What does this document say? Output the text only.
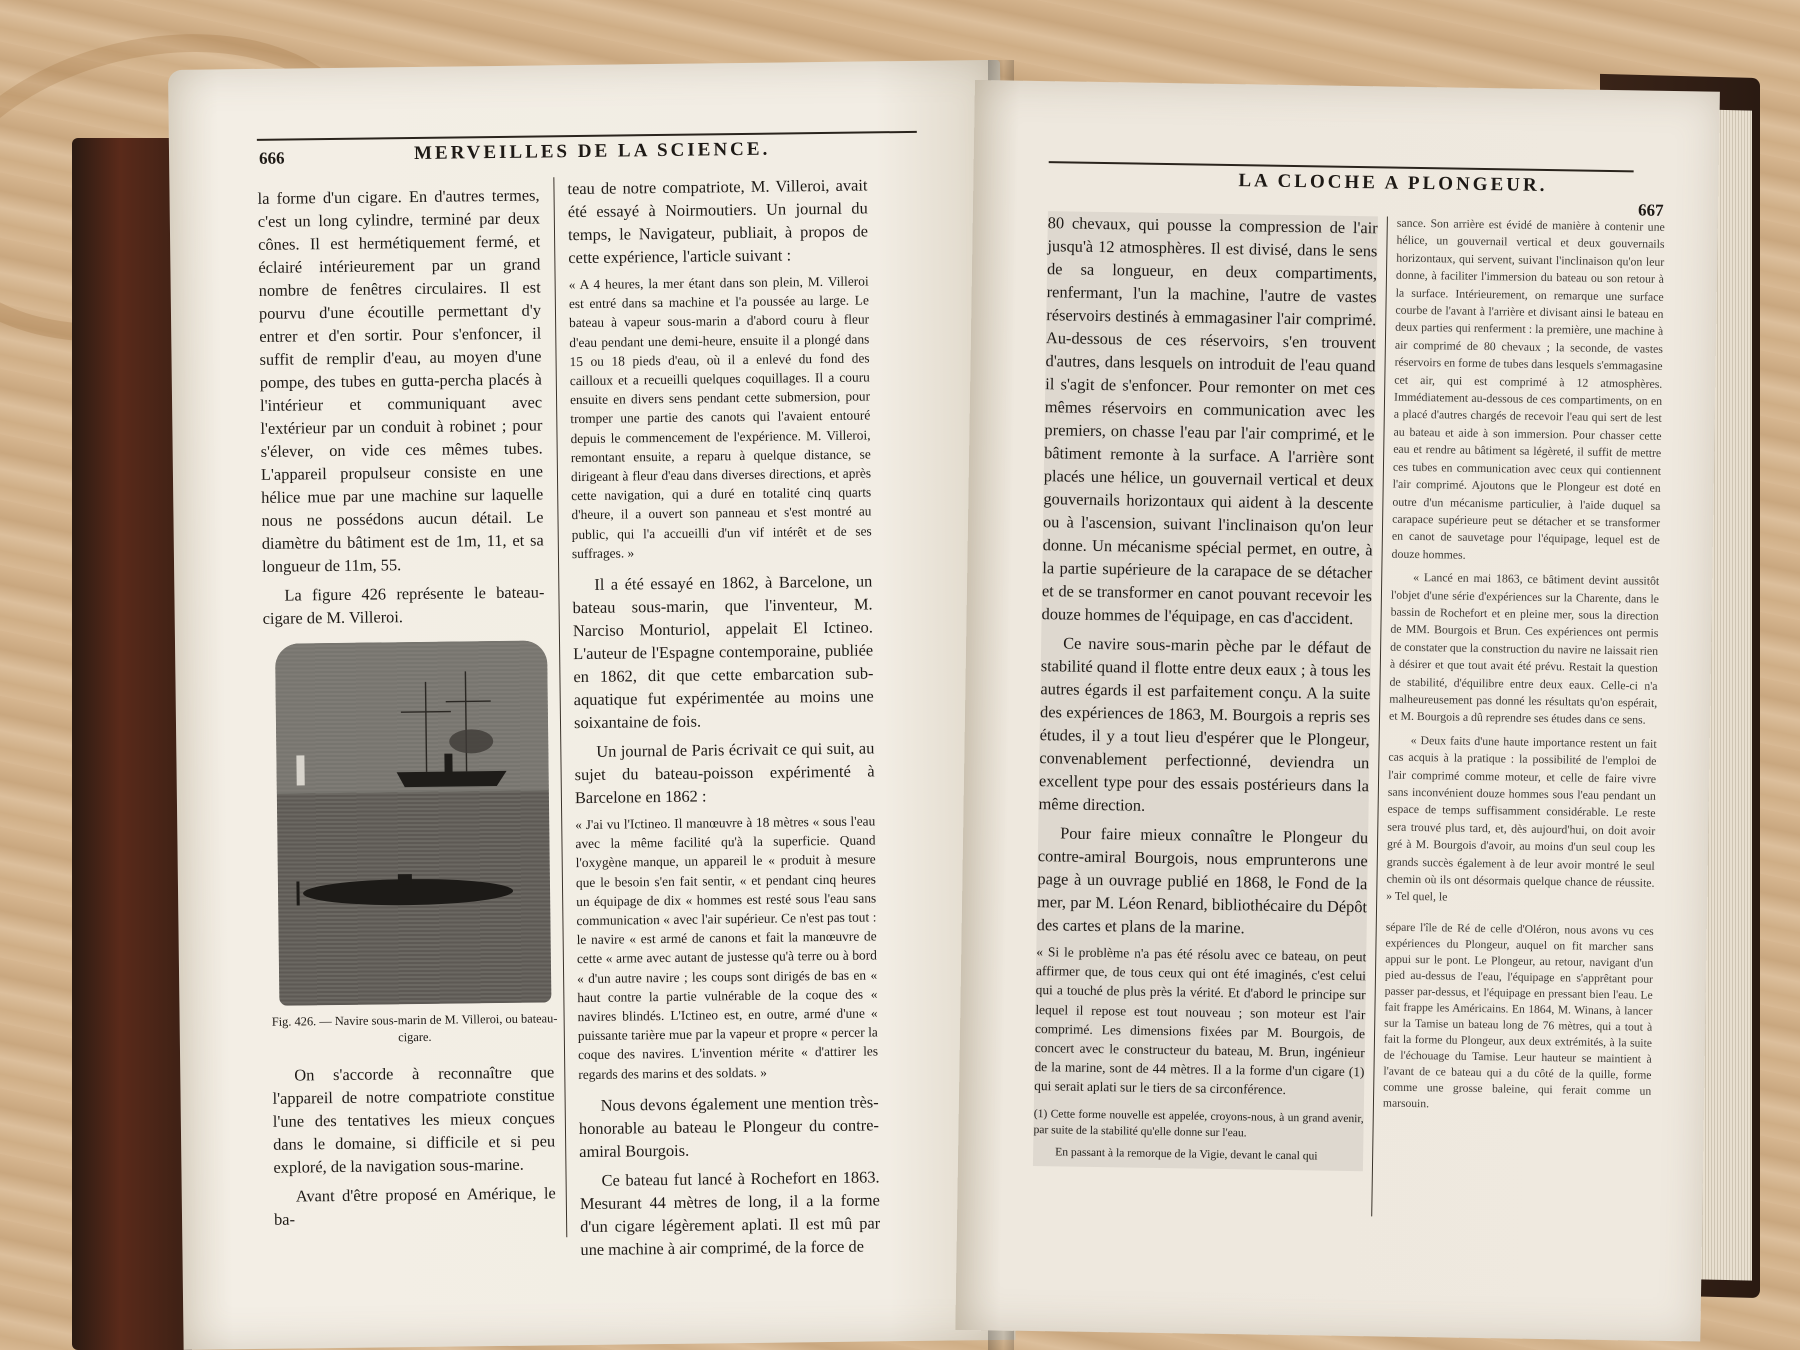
666	MERVEILLES DE LA SCIENCE.

la forme d'un cigare. En d'autres termes, c'est un long cylindre, terminé par deux cônes. Il est hermétiquement fermé, et éclairé intérieurement par un grand nombre de fenêtres circulaires. Il est pourvu d'une écoutille permettant d'y entrer et d'en sortir. Pour s'enfoncer, il suffit de remplir d'eau, au moyen d'une pompe, des tubes en gutta-percha placés à l'intérieur et communiquant avec l'extérieur par un conduit à robinet ; pour s'élever, on vide ces mêmes tubes. L'appareil propulseur consiste en une hélice mue par une machine sur laquelle nous ne possédons aucun détail. Le diamètre du bâtiment est de 1m, 11, et sa longueur de 11m, 55.

La figure 426 représente le bateau-cigare de M. Villeroi.

Fig. 426. — Navire sous-marin de M. Villeroi, ou bateau-cigare.

On s'accorde à reconnaître que l'appareil de notre compatriote constitue l'une des tentatives les mieux conçues dans le domaine, si difficile et si peu exploré, de la navigation sous-marine.

Avant d'être proposé en Amérique, le ba-

teau de notre compatriote, M. Villeroi, avait été essayé à Noirmoutiers. Un journal du temps, le Navigateur, publiait, à propos de cette expérience, l'article suivant :

« A 4 heures, la mer étant dans son plein, M. Villeroi est entré dans sa machine et l'a poussée au large. Le bateau à vapeur sous-marin a d'abord couru à fleur d'eau pendant une demi-heure, ensuite il a plongé dans 15 ou 18 pieds d'eau, où il a enlevé du fond des cailloux et a recueilli quelques coquillages. Il a couru ensuite en divers sens pendant cette submersion, pour tromper une partie des canots qui l'avaient entouré depuis le commencement de l'expérience. M. Villeroi, remontant ensuite, a reparu à quelque distance, se dirigeant à fleur d'eau dans diverses directions, et après cette navigation, qui a duré en totalité cinq quarts d'heure, il a ouvert son panneau et s'est montré au public, qui l'a accueilli d'un vif intérêt et de ses suffrages. »

Il a été essayé en 1862, à Barcelone, un bateau sous-marin, que l'inventeur, M. Narciso Monturiol, appelait El Ictineo. L'auteur de l'Espagne contemporaine, publiée en 1862, dit que cette embarcation sub-aquatique fut expérimentée au moins une soixantaine de fois.

Un journal de Paris écrivait ce qui suit, au sujet du bateau-poisson expérimenté à Barcelone en 1862 :

« J'ai vu l'Ictineo. Il manœuvre à 18 mètres « sous l'eau avec la même facilité qu'à la superficie. Quand l'oxygène manque, un appareil le « produit à mesure que le besoin s'en fait sentir, « et pendant cinq heures un équipage de dix « hommes est resté sous l'eau sans communication « avec l'air supérieur. Ce n'est pas tout : le navire « est armé de canons et fait la manœuvre de cette « arme avec autant de justesse qu'à terre ou à bord « d'un autre navire ; les coups sont dirigés de bas en « haut contre la partie vulnérable de la coque des « navires blindés. L'Ictineo est, en outre, armé d'une « puissante tarière mue par la vapeur et propre « percer la coque des navires. L'invention mérite « d'attirer les regards des marins et des soldats. »

Nous devons également une mention très-honorable au bateau le Plongeur du contre-amiral Bourgois.

Ce bateau fut lancé à Rochefort en 1863. Mesurant 44 mètres de long, il a la forme d'un cigare légèrement aplati. Il est mû par une machine à air comprimé, de la force de

LA CLOCHE A PLONGEUR.
667

80 chevaux, qui pousse la compression de l'air jusqu'à 12 atmosphères. Il est divisé, dans le sens de sa longueur, en deux compartiments, renfermant, l'un la machine, l'autre de vastes réservoirs destinés à emmagasiner l'air comprimé. Au-dessous de ces réservoirs, s'en trouvent d'autres, dans lesquels on introduit de l'eau quand il s'agit de s'enfoncer. Pour remonter on met ces mêmes réservoirs en communication avec les premiers, on chasse l'eau par l'air comprimé, et le bâtiment remonte à la surface. A l'arrière sont placés une hélice, un gouvernail vertical et deux gouvernails horizontaux qui aident à la descente ou à l'ascension, suivant l'inclinaison qu'on leur donne. Un mécanisme spécial permet, en outre, à la partie supérieure de la carapace de se détacher et de se transformer en canot pouvant recevoir les douze hommes de l'équipage, en cas d'accident.

Ce navire sous-marin pèche par le défaut de stabilité quand il flotte entre deux eaux ; à tous les autres égards il est parfaitement conçu. A la suite des expériences de 1863, M. Bourgois a repris ses études, il y a tout lieu d'espérer que le Plongeur, convenablement perfectionné, deviendra un excellent type pour des essais postérieurs dans la même direction.

Pour faire mieux connaître le Plongeur du contre-amiral Bourgois, nous emprunterons une page à un ouvrage publié en 1868, le Fond de la mer, par M. Léon Renard, bibliothécaire du Dépôt des cartes et plans de la marine.

« Si le problème n'a pas été résolu avec ce bateau, on peut affirmer que, de tous ceux qui ont été imaginés, c'est celui qui a touché de plus près la vérité. Et d'abord le principe sur lequel il repose est tout nouveau ; son moteur est l'air comprimé. Les dimensions fixées par M. Bourgois, de concert avec le constructeur du bateau, M. Brun, ingénieur de la marine, sont de 44 mètres. Il a la forme d'un cigare (1) qui serait aplati sur le tiers de sa circonférence.

(1) Cette forme nouvelle est appelée, croyons-nous, à un grand avenir, par suite de la stabilité qu'elle donne sur l'eau.

En passant à la remorque de la Vigie, devant le canal qui

sance. Son arrière est évidé de manière à contenir une hélice, un gouvernail vertical et deux gouvernails horizontaux, qui servent, suivant l'inclinaison qu'on leur donne, à faciliter l'immersion du bateau ou son retour à la surface. Intérieurement, on remarque une surface courbe de l'avant à l'arrière et divisant ainsi le bateau en deux parties qui renferment : la première, une machine à air comprimé de 80 chevaux ; la seconde, de vastes réservoirs en forme de tubes dans lesquels s'emmagasine cet air, qui est comprimé à 12 atmosphères. Immédiatement au-dessous de ces compartiments, on en a placé d'autres chargés de recevoir l'eau qui sert de lest au bateau et aide à son immersion. Pour chasser cette eau et rendre au bâtiment sa légèreté, il suffit de mettre ces tubes en communication avec ceux qui contiennent l'air comprimé. Ajoutons que le Plongeur est doté en outre d'un mécanisme particulier, à l'aide duquel sa carapace supérieure peut se détacher et se transformer en canot de sauvetage pour l'équipage, lequel est de douze hommes.

« Lancé en mai 1863, ce bâtiment devint aussitôt l'objet d'une série d'expériences sur la Charente, dans le bassin de Rochefort et en pleine mer, sous la direction de MM. Bourgois et Brun. Ces expériences ont permis de constater que la construction du navire ne laissait rien à désirer et que tout avait été prévu. Restait la question de stabilité, d'équilibre entre deux eaux. Celle-ci n'a malheureusement pas donné les résultats qu'on espérait, et M. Bourgois a dû reprendre ses études dans ce sens.

« Deux faits d'une haute importance restent un fait cas acquis à la pratique : la possibilité de l'emploi de l'air comprimé comme moteur, et celle de faire vivre sans inconvénient douze hommes sous l'eau pendant un espace de temps suffisamment considérable. Le reste sera trouvé plus tard, et, dès aujourd'hui, on doit avoir gré à M. Bourgois d'avoir, au moins d'un seul coup les grands succès également à de leur avoir montré le seul chemin où ils ont désormais quelque chance de réussite. » Tel quel, le

sépare l'île de Ré de celle d'Oléron, nous avons vu ces expériences du Plongeur, auquel on fit marcher sans appui sur le pont. Le Plongeur, au retour, navigant d'un pied au-dessus de l'eau, l'équipage en s'apprêtant pour passer par-dessus, et l'équipage en pressant bien l'eau. Le fait frappe les Américains. En 1864, M. Winans, à lancer sur la Tamise un bateau long de 76 mètres, qui a tout à fait la forme du Plongeur, aux deux extrémités, à la suite de l'échouage du Tamise. Leur hauteur se maintient à l'avant de ce bateau qui a du côté de la quille, forme comme une grosse baleine, qui ferait comme un marsouin.
